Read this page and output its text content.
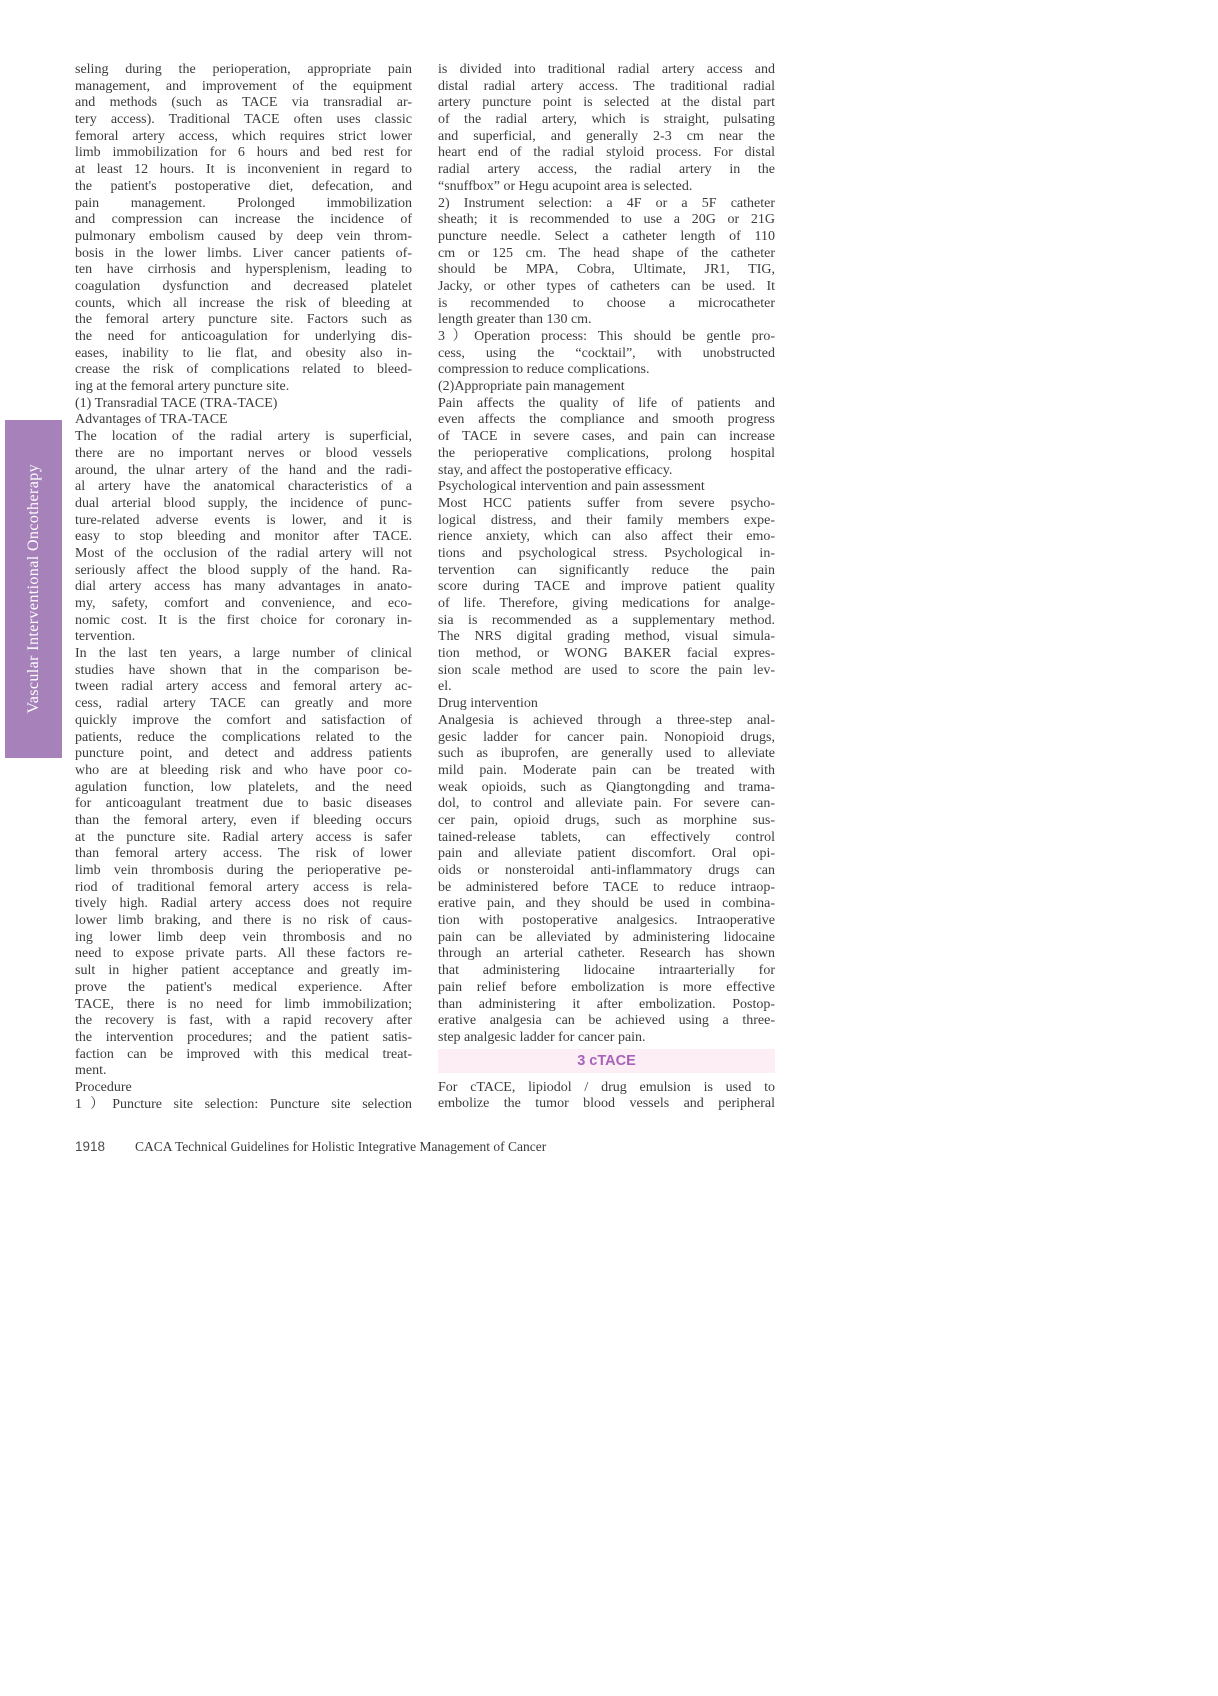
Vascular Interventional Oncotherapy
seling during the perioperation, appropriate pain
management, and improvement of the equipment
and methods (such as TACE via transradial ar-
tery access). Traditional TACE often uses classic
femoral artery access, which requires strict lower
limb immobilization for 6 hours and bed rest for
at least 12 hours. It is inconvenient in regard to
the patient's postoperative diet, defecation, and
pain management. Prolonged immobilization
and compression can increase the incidence of
pulmonary embolism caused by deep vein throm-
bosis in the lower limbs. Liver cancer patients of-
ten have cirrhosis and hypersplenism, leading to
coagulation dysfunction and decreased platelet
counts, which all increase the risk of bleeding at
the femoral artery puncture site. Factors such as
the need for anticoagulation for underlying dis-
eases, inability to lie flat, and obesity also in-
crease the risk of complications related to bleed-
ing at the femoral artery puncture site.
(1) Transradial TACE (TRA-TACE)
Advantages of TRA-TACE
The location of the radial artery is superficial,
there are no important nerves or blood vessels
around, the ulnar artery of the hand and the radi-
al artery have the anatomical characteristics of a
dual arterial blood supply, the incidence of punc-
ture-related adverse events is lower, and it is
easy to stop bleeding and monitor after TACE.
Most of the occlusion of the radial artery will not
seriously affect the blood supply of the hand. Ra-
dial artery access has many advantages in anato-
my, safety, comfort and convenience, and eco-
nomic cost. It is the first choice for coronary in-
tervention.
In the last ten years, a large number of clinical
studies have shown that in the comparison be-
tween radial artery access and femoral artery ac-
cess, radial artery TACE can greatly and more
quickly improve the comfort and satisfaction of
patients, reduce the complications related to the
puncture point, and detect and address patients
who are at bleeding risk and who have poor co-
agulation function, low platelets, and the need
for anticoagulant treatment due to basic diseases
than the femoral artery, even if bleeding occurs
at the puncture site. Radial artery access is safer
than femoral artery access. The risk of lower
limb vein thrombosis during the perioperative pe-
riod of traditional femoral artery access is rela-
tively high. Radial artery access does not require
lower limb braking, and there is no risk of caus-
ing lower limb deep vein thrombosis and no
need to expose private parts. All these factors re-
sult in higher patient acceptance and greatly im-
prove the patient's medical experience. After
TACE, there is no need for limb immobilization;
the recovery is fast, with a rapid recovery after
the intervention procedures; and the patient satis-
faction can be improved with this medical treat-
ment.
Procedure
1）Puncture site selection: Puncture site selection
is divided into traditional radial artery access and
distal radial artery access. The traditional radial
artery puncture point is selected at the distal part
of the radial artery, which is straight, pulsating
and superficial, and generally 2-3 cm near the
heart end of the radial styloid process. For distal
radial artery access, the radial artery in the
“snuffbox” or Hegu acupoint area is selected.
2) Instrument selection: a 4F or a 5F catheter
sheath; it is recommended to use a 20G or 21G
puncture needle. Select a catheter length of 110
cm or 125 cm. The head shape of the catheter
should be MPA, Cobra, Ultimate, JR1, TIG,
Jacky, or other types of catheters can be used. It
is recommended to choose a microcatheter
length greater than 130 cm.
3）Operation process: This should be gentle pro-
cess, using the “cocktail”, with unobstructed
compression to reduce complications.
(2)Appropriate pain management
Pain affects the quality of life of patients and
even affects the compliance and smooth progress
of TACE in severe cases, and pain can increase
the perioperative complications, prolong hospital
stay, and affect the postoperative efficacy.
Psychological intervention and pain assessment
Most HCC patients suffer from severe psycho-
logical distress, and their family members expe-
rience anxiety, which can also affect their emo-
tions and psychological stress. Psychological in-
tervention can significantly reduce the pain
score during TACE and improve patient quality
of life. Therefore, giving medications for analge-
sia is recommended as a supplementary method.
The NRS digital grading method, visual simula-
tion method, or WONG BAKER facial expres-
sion scale method are used to score the pain lev-
el.
Drug intervention
Analgesia is achieved through a three-step anal-
gesic ladder for cancer pain. Nonopioid drugs,
such as ibuprofen, are generally used to alleviate
mild pain. Moderate pain can be treated with
weak opioids, such as Qiangtongding and trama-
dol, to control and alleviate pain. For severe can-
cer pain, opioid drugs, such as morphine sus-
tained-release tablets, can effectively control
pain and alleviate patient discomfort. Oral opi-
oids or nonsteroidal anti-inflammatory drugs can
be administered before TACE to reduce intraop-
erative pain, and they should be used in combina-
tion with postoperative analgesics. Intraoperative
pain can be alleviated by administering lidocaine
through an arterial catheter. Research has shown
that administering lidocaine intraarterially for
pain relief before embolization is more effective
than administering it after embolization. Postop-
erative analgesia can be achieved using a three-
step analgesic ladder for cancer pain.
3 cTACE
For cTACE, lipiodol / drug emulsion is used to
embolize the tumor blood vessels and peripheral
1918 CACA Technical Guidelines for Holistic Integrative Management of Cancer
